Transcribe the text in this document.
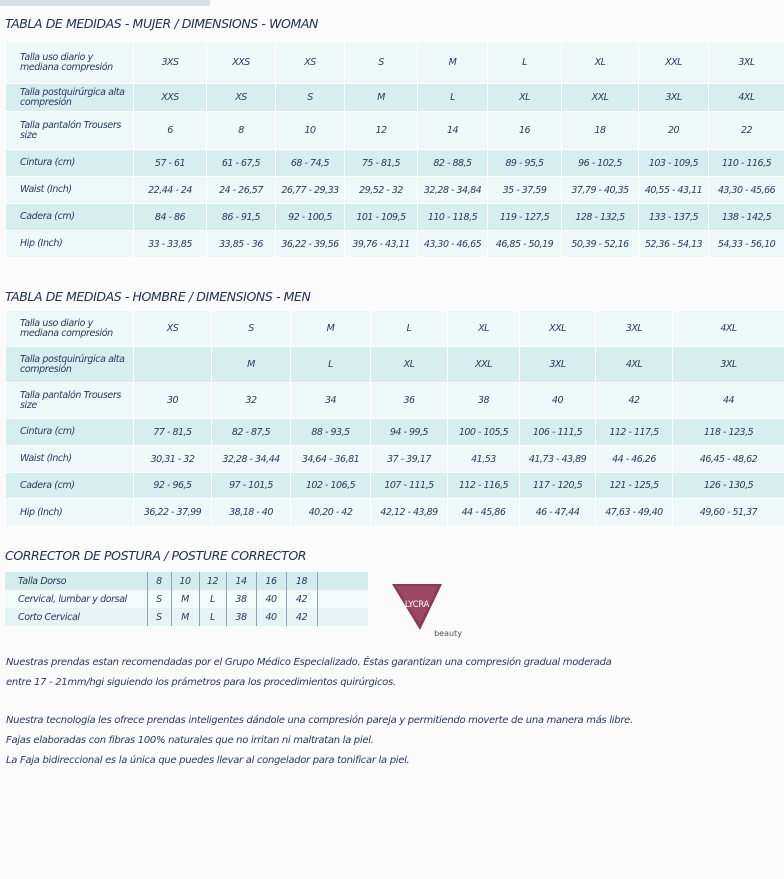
TABLA DE MEDIDAS - MUJER / DIMENSIONS - WOMAN
Talla uso diario y mediana compresión	3XS	XXS	XS	S	M	L	XL	XXL	3XL
Talla postquirúrgica alta compresión	XXS	XS	S	M	L	XL	XXL	3XL	4XL
Talla pantalón Trousers size	6	8	10	12	14	16	18	20	22
Cintura (cm)	57 - 61	61 - 67,5	68 - 74,5	75 - 81,5	82 - 88,5	89 - 95,5	96 - 102,5	103 - 109,5	110 - 116,5
Waist (Inch)	22,44 - 24	24 - 26,57	26,77 - 29,33	29,52 - 32	32,28 - 34,84	35 - 37,59	37,79 - 40,35	40,55 - 43,11	43,30 - 45,66
Cadera (cm)	84 - 86	86 - 91,5	92 - 100,5	101 - 109,5	110 - 118,5	119 - 127,5	128 - 132,5	133 - 137,5	138 - 142,5
Hip (Inch)	33 - 33,85	33,85 - 36	36,22 - 39,56	39,76 - 43,11	43,30 - 46,65	46,85 - 50,19	50,39 - 52,16	52,36 - 54,13	54,33 - 56,10
TABLA DE MEDIDAS - HOMBRE / DIMENSIONS - MEN
Talla uso diario y mediana compresión	XS	S	M	L	XL	XXL	3XL	4XL
Talla postquirúrgica alta compresión		M	L	XL	XXL	3XL	4XL	3XL
Talla pantalón Trousers size	30	32	34	36	38	40	42	44
Cintura (cm)	77 - 81,5	82 - 87,5	88 - 93,5	94 - 99,5	100 - 105,5	106 - 111,5	112 - 117,5	118 - 123,5
Waist (Inch)	30,31 - 32	32,28 - 34,44	34,64 - 36,81	37 - 39,17	41,53	41,73 - 43,89	44 - 46,26	46,45 - 48,62
Cadera (cm)	92 - 96,5	97 - 101,5	102 - 106,5	107 - 111,5	112 - 116,5	117 - 120,5	121 - 125,5	126 - 130,5
Hip (Inch)	36,22 - 37,99	38,18 - 40	40,20 - 42	42,12 - 43,89	44 - 45,86	46 - 47,44	47,63 - 49,40	49,60 - 51,37
CORRECTOR DE POSTURA / POSTURE CORRECTOR
Talla Dorso	8	10	12	14	16	18	
Cervical, lumbar y dorsal	S	M	L	38	40	42	
Corto Cervical	S	M	L	38	40	42	
LYCRA
beauty
Nuestras prendas estan recomendadas por el Grupo Médico Especializado. Éstas garantizan una compresión gradual moderada
entre 17 - 21mm/hgi siguiendo los prámetros para los procedimientos quirúrgicos.
Nuestra tecnología les ofrece prendas inteligentes dándole una compresión pareja y permitiendo moverte de una manera más libre.
Fajas elaboradas con fibras 100% naturales que no irritan ni maltratan la piel.
La Faja bidireccional es la única que puedes llevar al congelador para tonificar la piel.
